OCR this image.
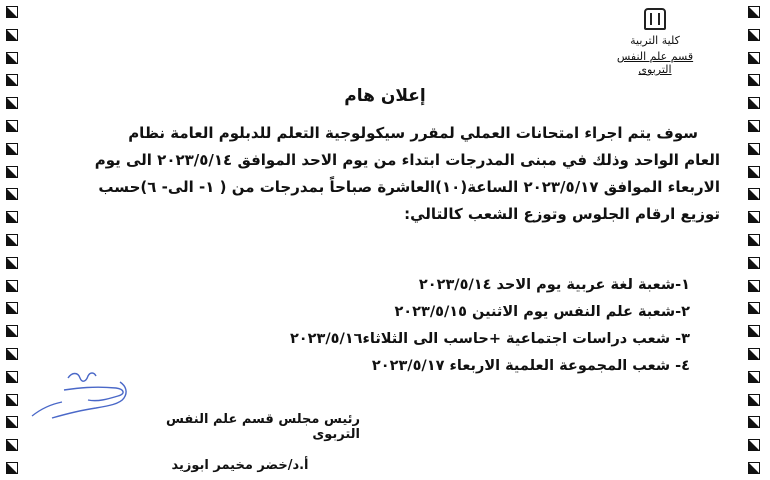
كلية التربية

قسم علم النفس التربوى

إعلان هام

سوف يتم اجراء امتحانات العملي لمقرر سيكولوجية التعلم للدبلوم العامة نظام

العام الواحد وذلك في مبنى المدرجات ابتداء من يوم الاحد الموافق ٢٠٢٣/٥/١٤ الى يوم

الاربعاء الموافق ٢٠٢٣/٥/١٧ الساعة(١٠)العاشرة صباحاً بمدرجات من ( ١- الى- ٦)حسب

توزيع ارقام الجلوس وتوزع الشعب كالتالي:

١-شعبة لغة عربية يوم الاحد ٢٠٢٣/٥/١٤
٢-شعبة علم النفس يوم الاثنين ٢٠٢٣/٥/١٥
٣- شعب دراسات اجتماعية +حاسب الى الثلاثاء٢٠٢٣/٥/١٦
٤- شعب المجموعة العلمية الاربعاء ٢٠٢٣/٥/١٧
رئيس مجلس قسم علم النفس التربوى
أ.د/خضر مخيمر ابوزيد
